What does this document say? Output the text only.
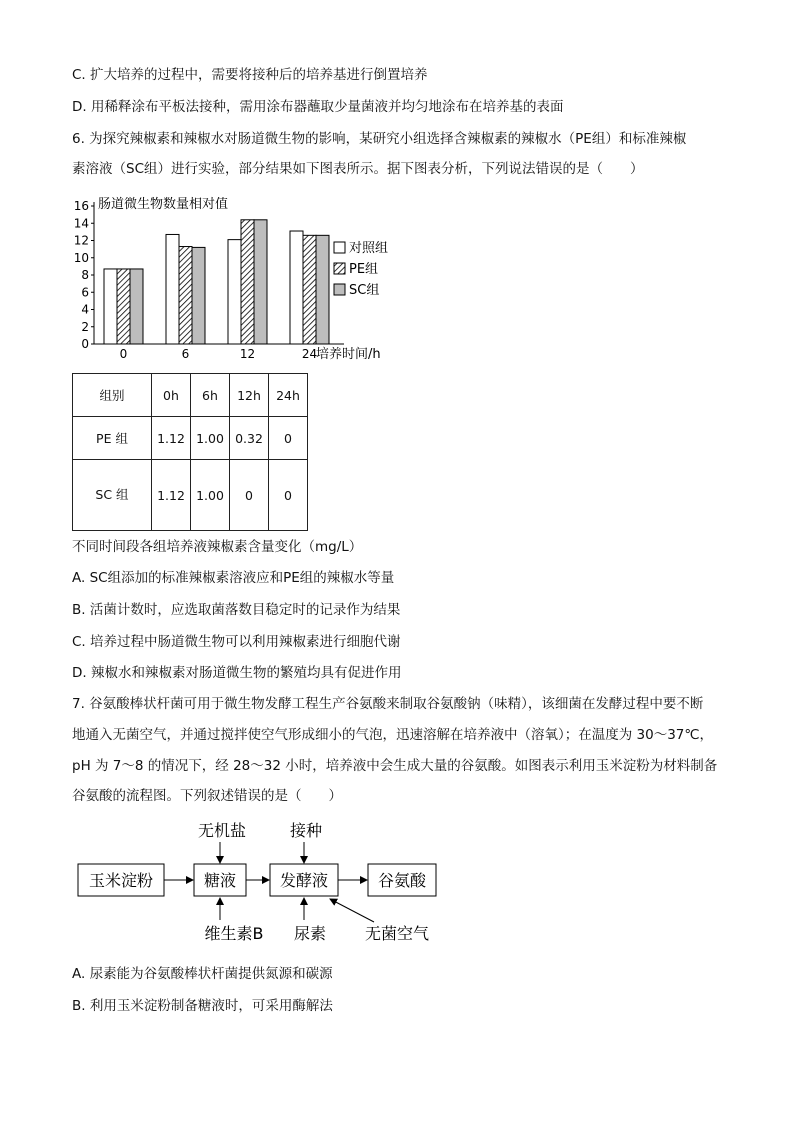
C. 扩大培养的过程中，需要将接种后的培养基进行倒置培养
D. 用稀释涂布平板法接种，需用涂布器蘸取少量菌液并均匀地涂布在培养基的表面
6. 为探究辣椒素和辣椒水对肠道微生物的影响，某研究小组选择含辣椒素的辣椒水（PE组）和标准辣椒
素溶液（SC组）进行实验，部分结果如下图表所示。据下图表分析，下列说法错误的是（　　）
肠道微生物数量相对值
0
2
4
6
8
10
12
14
16
0	6	12	24
培养时间/h
对照组
PE组
SC组
组别	0h	6h	12h	24h
PE 组	1.12	1.00	0.32	0
SC 组	1.12	1.00	0	0
不同时间段各组培养液辣椒素含量变化（mg/L）
A. SC组添加的标准辣椒素溶液应和PE组的辣椒水等量
B. 活菌计数时，应选取菌落数目稳定时的记录作为结果
C. 培养过程中肠道微生物可以利用辣椒素进行细胞代谢
D. 辣椒水和辣椒素对肠道微生物的繁殖均具有促进作用
7. 谷氨酸棒状杆菌可用于微生物发酵工程生产谷氨酸来制取谷氨酸钠（味精），该细菌在发酵过程中要不断
地通入无菌空气，并通过搅拌使空气形成细小的气泡，迅速溶解在培养液中（溶氧）；在温度为 30～37℃，
pH 为 7～8 的情况下，经 28～32 小时，培养液中会生成大量的谷氨酸。如图表示利用玉米淀粉为材料制备
谷氨酸的流程图。下列叙述错误的是（　　）
玉米淀粉	糖液	发酵液	谷氨酸
无机盐	接种
维生素B 尿素 无菌空气
A. 尿素能为谷氨酸棒状杆菌提供氮源和碳源
B. 利用玉米淀粉制备糖液时，可采用酶解法
